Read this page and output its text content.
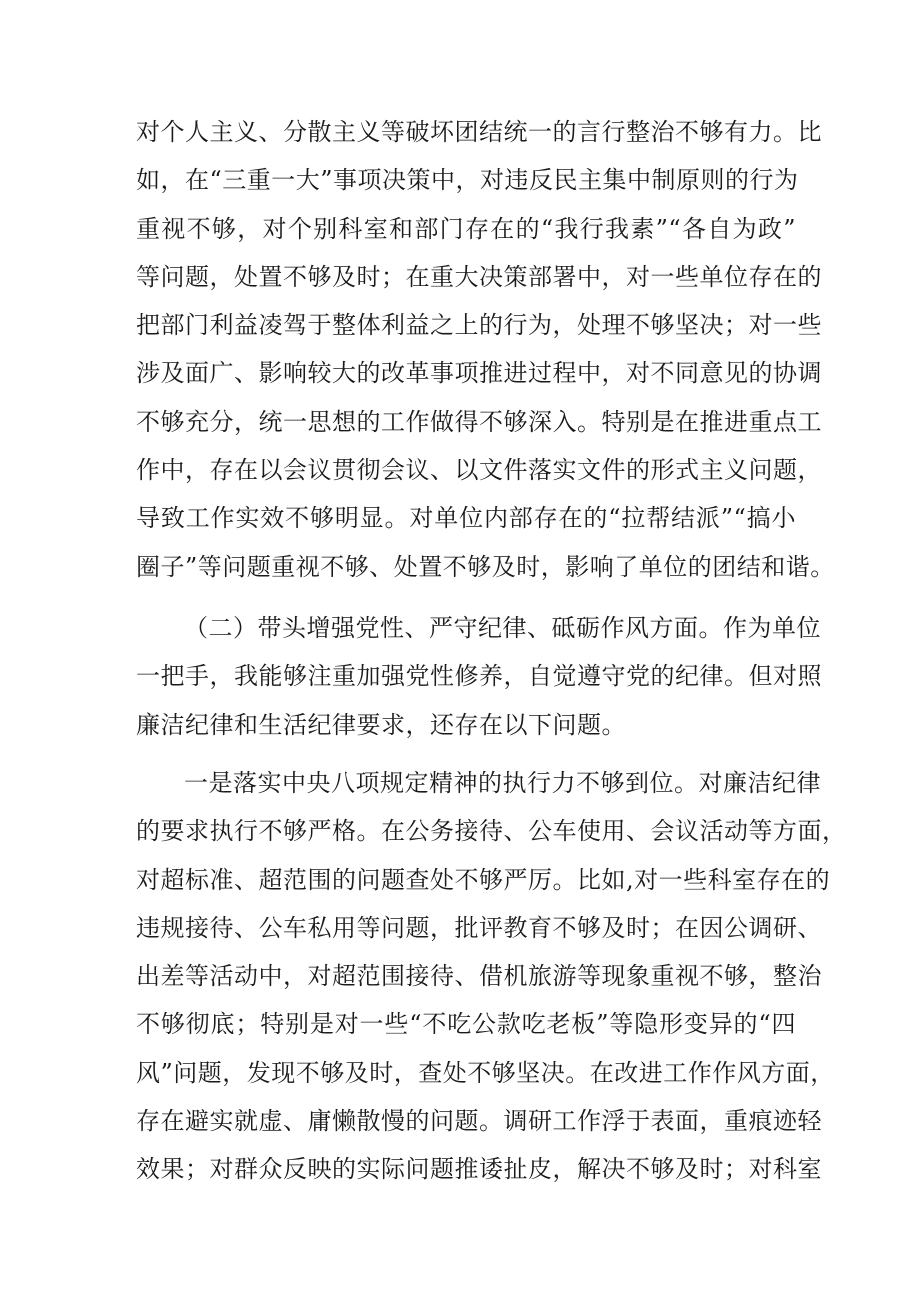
对个人主义、分散主义等破坏团结统一的言行整治不够有力。比
如，在“三重一大”事项决策中，对违反民主集中制原则的行为
重视不够，对个别科室和部门存在的“我行我素”“各自为政”
等问题，处置不够及时；在重大决策部署中，对一些单位存在的
把部门利益凌驾于整体利益之上的行为，处理不够坚决；对一些
涉及面广、影响较大的改革事项推进过程中，对不同意见的协调
不够充分，统一思想的工作做得不够深入。特别是在推进重点工
作中，存在以会议贯彻会议、以文件落实文件的形式主义问题，
导致工作实效不够明显。对单位内部存在的“拉帮结派”“搞小
圈子”等问题重视不够、处置不够及时，影响了单位的团结和谐。
（二）带头增强党性、严守纪律、砥砺作风方面。作为单位
一把手，我能够注重加强党性修养，自觉遵守党的纪律。但对照
廉洁纪律和生活纪律要求，还存在以下问题。
一是落实中央八项规定精神的执行力不够到位。对廉洁纪律
的要求执行不够严格。在公务接待、公车使用、会议活动等方面，
对超标准、超范围的问题查处不够严厉。比如,对一些科室存在的
违规接待、公车私用等问题，批评教育不够及时；在因公调研、
出差等活动中，对超范围接待、借机旅游等现象重视不够，整治
不够彻底；特别是对一些“不吃公款吃老板”等隐形变异的“四
风”问题，发现不够及时，查处不够坚决。在改进工作作风方面，
存在避实就虚、庸懒散慢的问题。调研工作浮于表面，重痕迹轻
效果；对群众反映的实际问题推诿扯皮，解决不够及时；对科室
